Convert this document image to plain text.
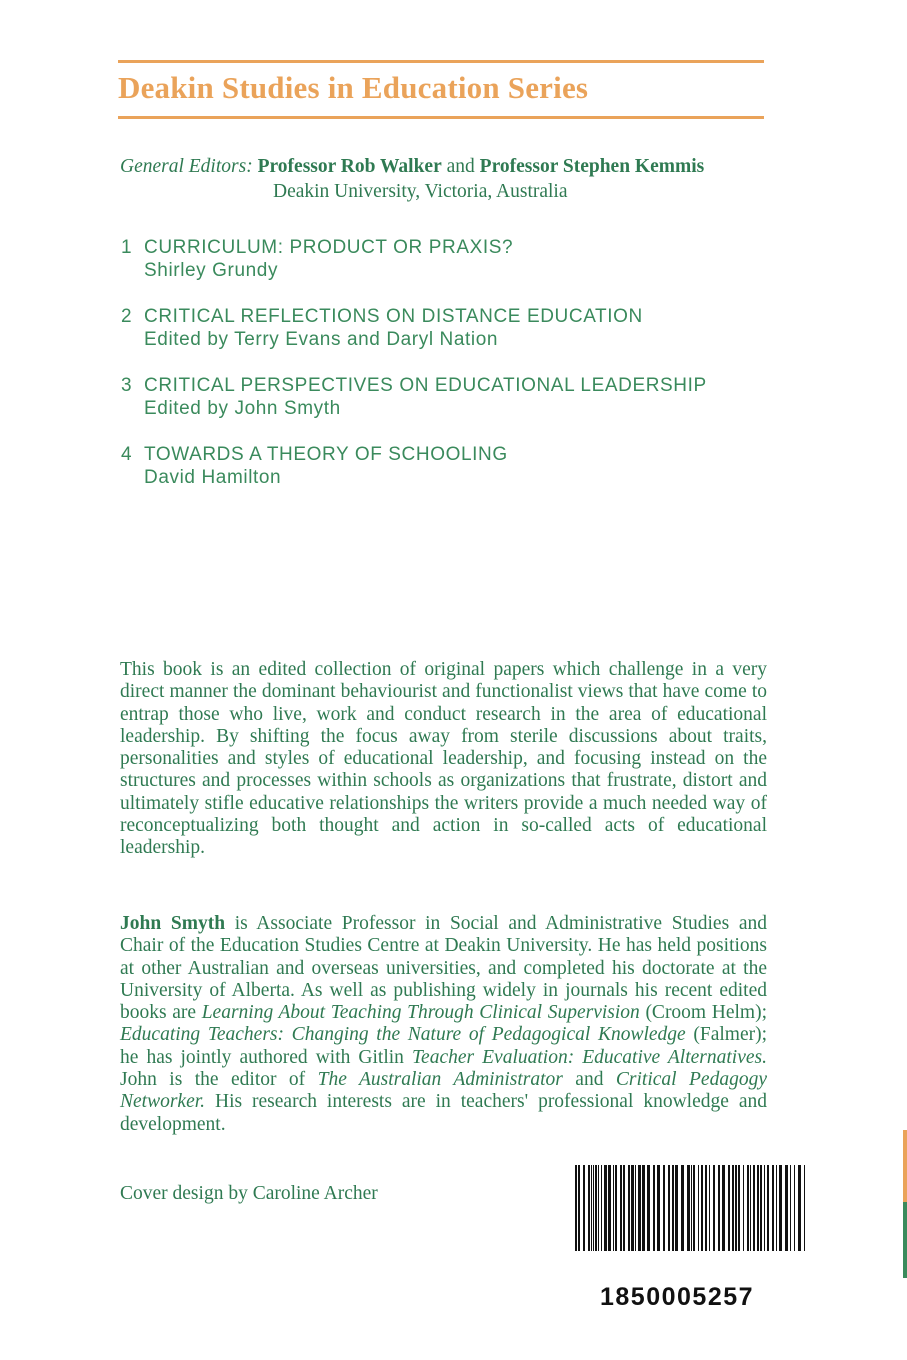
Deakin Studies in Education Series
General Editors: Professor Rob Walker and Professor Stephen Kemmis
Deakin University, Victoria, Australia
1 CURRICULUM: PRODUCT OR PRAXIS?
Shirley Grundy
2 CRITICAL REFLECTIONS ON DISTANCE EDUCATION
Edited by Terry Evans and Daryl Nation
3 CRITICAL PERSPECTIVES ON EDUCATIONAL LEADERSHIP
Edited by John Smyth
4 TOWARDS A THEORY OF SCHOOLING
David Hamilton
This book is an edited collection of original papers which challenge in a very direct manner the dominant behaviourist and functionalist views that have come to entrap those who live, work and conduct research in the area of educational leadership. By shifting the focus away from sterile discussions about traits, personalities and styles of educational leadership, and focusing instead on the structures and processes within schools as organizations that frustrate, distort and ultimately stifle educative relationships the writers provide a much needed way of reconceptualizing both thought and action in so-called acts of educational leadership.
John Smyth is Associate Professor in Social and Administrative Studies and Chair of the Education Studies Centre at Deakin University. He has held positions at other Australian and overseas universities, and completed his doctorate at the University of Alberta. As well as publishing widely in journals his recent edited books are Learning About Teaching Through Clinical Supervision (Croom Helm); Educating Teachers: Changing the Nature of Pedagogical Knowledge (Falmer); he has jointly authored with Gitlin Teacher Evaluation: Educative Alternatives. John is the editor of The Australian Administrator and Critical Pedagogy Networker. His research interests are in teachers' professional knowledge and development.
Cover design by Caroline Archer
1850005257
